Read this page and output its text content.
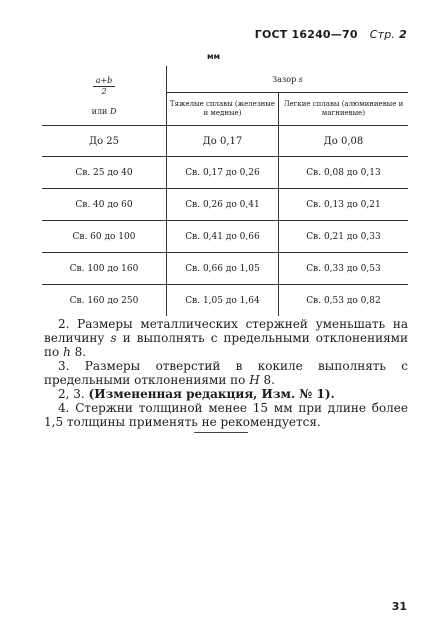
ГОСТ 16240—70 Стр. 2
мм
$\frac{a+b}{2}$
или D	Зазор s	
	Тяжелые сплавы (железные и медные)	Легкие сплавы (алюминиевые и магниевые)
До 25	До 0,17	До 0,08
Св. 25 до 40	Св. 0,17 до 0,26	Св. 0,08 до 0,13
Св. 40 до 60	Св. 0,26 до 0,41	Св. 0,13 до 0,21
Св. 60 до 100	Св. 0,41 до 0,66	Св. 0,21 до 0,33
Св. 100 до 160	Св. 0,66 до 1,05	Св. 0,33 до 0,53
Св. 160 до 250	Св. 1,05 до 1,64	Св. 0,53 до 0,82

2. Размеры металлических стержней уменьшать на величину s и выполнять с предельными отклонениями по h 8.

3. Размеры отверстий в кокиле выполнять с предельными отклонениями по H 8.

2, 3. (Измененная редакция, Изм. № 1).

4. Стержни толщиной менее 15 мм при длине более 1,5 толщины применять не рекомендуется.

31
